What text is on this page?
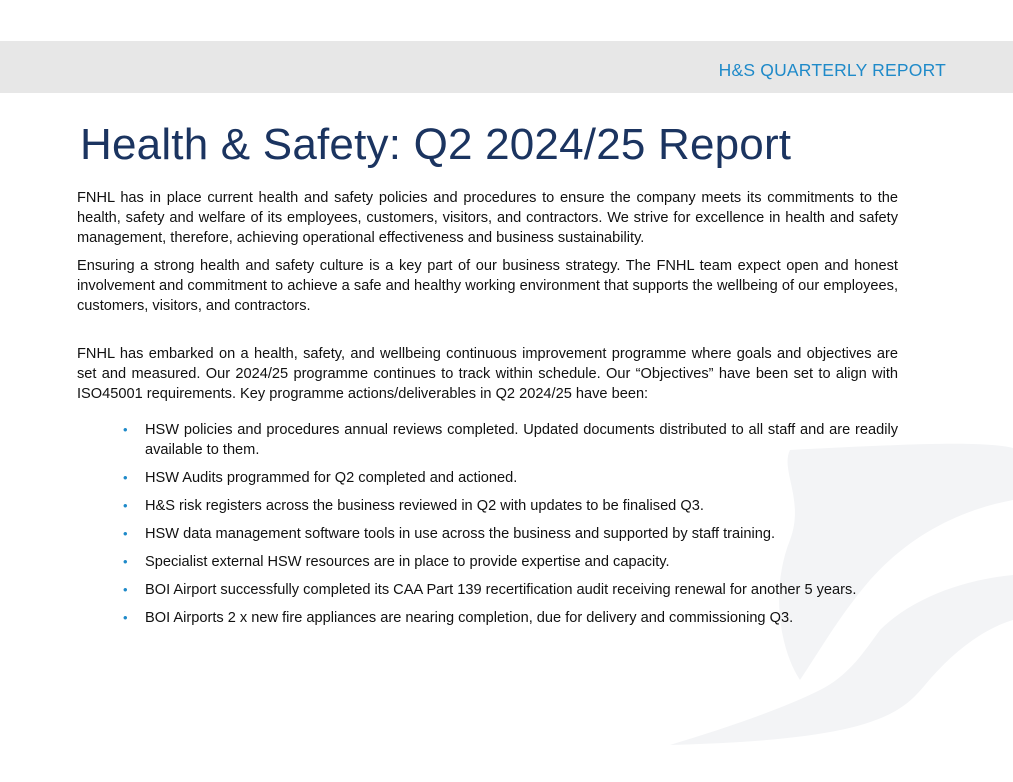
H&S QUARTERLY REPORT
Health & Safety: Q2 2024/25 Report

FNHL has in place current health and safety policies and procedures to ensure the company meets its commitments to the health, safety and welfare of its employees, customers, visitors, and contractors. We strive for excellence in health and safety management, therefore, achieving operational effectiveness and business sustainability.

Ensuring a strong health and safety culture is a key part of our business strategy. The FNHL team expect open and honest involvement and commitment to achieve a safe and healthy working environment that supports the wellbeing of our employees, customers, visitors, and contractors.

FNHL has embarked on a health, safety, and wellbeing continuous improvement programme where goals and objectives are set and measured. Our 2024/25 programme continues to track within schedule. Our “Objectives” have been set to align with ISO45001 requirements. Key programme actions/deliverables in Q2 2024/25 have been:

• HSW policies and procedures annual reviews completed. Updated documents distributed to all staff and are readily available to them.
• HSW Audits programmed for Q2 completed and actioned.
• H&S risk registers across the business reviewed in Q2 with updates to be finalised Q3.
• HSW data management software tools in use across the business and supported by staff training.
• Specialist external HSW resources are in place to provide expertise and capacity.
• BOI Airport successfully completed its CAA Part 139 recertification audit receiving renewal for another 5 years.
• BOI Airports 2 x new fire appliances are nearing completion, due for delivery and commissioning Q3.
